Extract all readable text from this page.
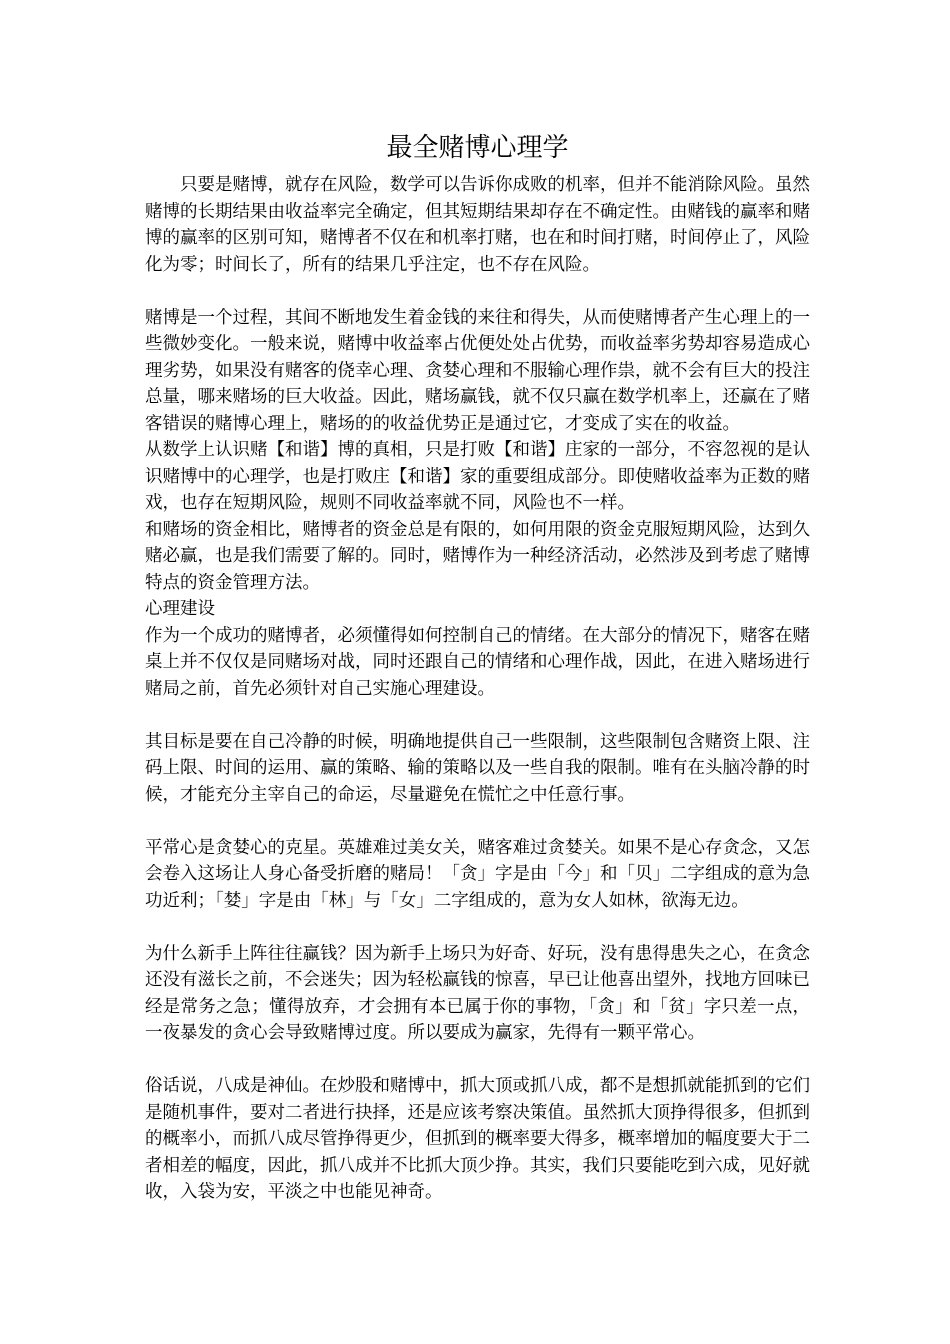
最全赌博心理学

只要是赌博，就存在风险，数学可以告诉你成败的机率，但并不能消除风险。虽然赌博的长期结果由收益率完全确定，但其短期结果却存在不确定性。由赌钱的赢率和赌博的赢率的区别可知，赌博者不仅在和机率打赌，也在和时间打赌，时间停止了，风险化为零；时间长了，所有的结果几乎注定，也不存在风险。

赌博是一个过程，其间不断地发生着金钱的来往和得失，从而使赌博者产生心理上的一些微妙变化。一般来说，赌博中收益率占优便处处占优势，而收益率劣势却容易造成心理劣势，如果没有赌客的侥幸心理、贪婪心理和不服输心理作祟，就不会有巨大的投注总量，哪来赌场的巨大收益。因此，赌场赢钱，就不仅只赢在数学机率上，还赢在了赌客错误的赌博心理上，赌场的的收益优势正是通过它，才变成了实在的收益。

从数学上认识赌【和谐】博的真相，只是打败【和谐】庄家的一部分，不容忽视的是认识赌博中的心理学，也是打败庄【和谐】家的重要组成部分。即使赌收益率为正数的赌戏，也存在短期风险，规则不同收益率就不同，风险也不一样。

和赌场的资金相比，赌博者的资金总是有限的，如何用限的资金克服短期风险，达到久赌必赢，也是我们需要了解的。同时，赌博作为一种经济活动，必然涉及到考虑了赌博特点的资金管理方法。

心理建设

作为一个成功的赌博者，必须懂得如何控制自己的情绪。在大部分的情况下，赌客在赌桌上并不仅仅是同赌场对战，同时还跟自己的情绪和心理作战，因此，在进入赌场进行赌局之前，首先必须针对自己实施心理建设。

其目标是要在自己冷静的时候，明确地提供自己一些限制，这些限制包含赌资上限、注码上限、时间的运用、赢的策略、输的策略以及一些自我的限制。唯有在头脑冷静的时候，才能充分主宰自己的命运，尽量避免在慌忙之中任意行事。

平常心是贪婪心的克星。英雄难过美女关，赌客难过贪婪关。如果不是心存贪念，又怎会卷入这场让人身心备受折磨的赌局！「贪」字是由「今」和「贝」二字组成的意为急功近利；「婪」字是由「林」与「女」二字组成的，意为女人如林，欲海无边。

为什么新手上阵往往赢钱？因为新手上场只为好奇、好玩，没有患得患失之心，在贪念还没有滋长之前，不会迷失；因为轻松赢钱的惊喜，早已让他喜出望外，找地方回味已经是常务之急；懂得放弃，才会拥有本已属于你的事物，「贪」和「贫」字只差一点，一夜暴发的贪心会导致赌博过度。所以要成为赢家，先得有一颗平常心。

俗话说，八成是神仙。在炒股和赌博中，抓大顶或抓八成，都不是想抓就能抓到的它们是随机事件，要对二者进行抉择，还是应该考察决策值。虽然抓大顶挣得很多，但抓到的概率小，而抓八成尽管挣得更少，但抓到的概率要大得多，概率增加的幅度要大于二者相差的幅度，因此，抓八成并不比抓大顶少挣。其实，我们只要能吃到六成，见好就收，入袋为安，平淡之中也能见神奇。
